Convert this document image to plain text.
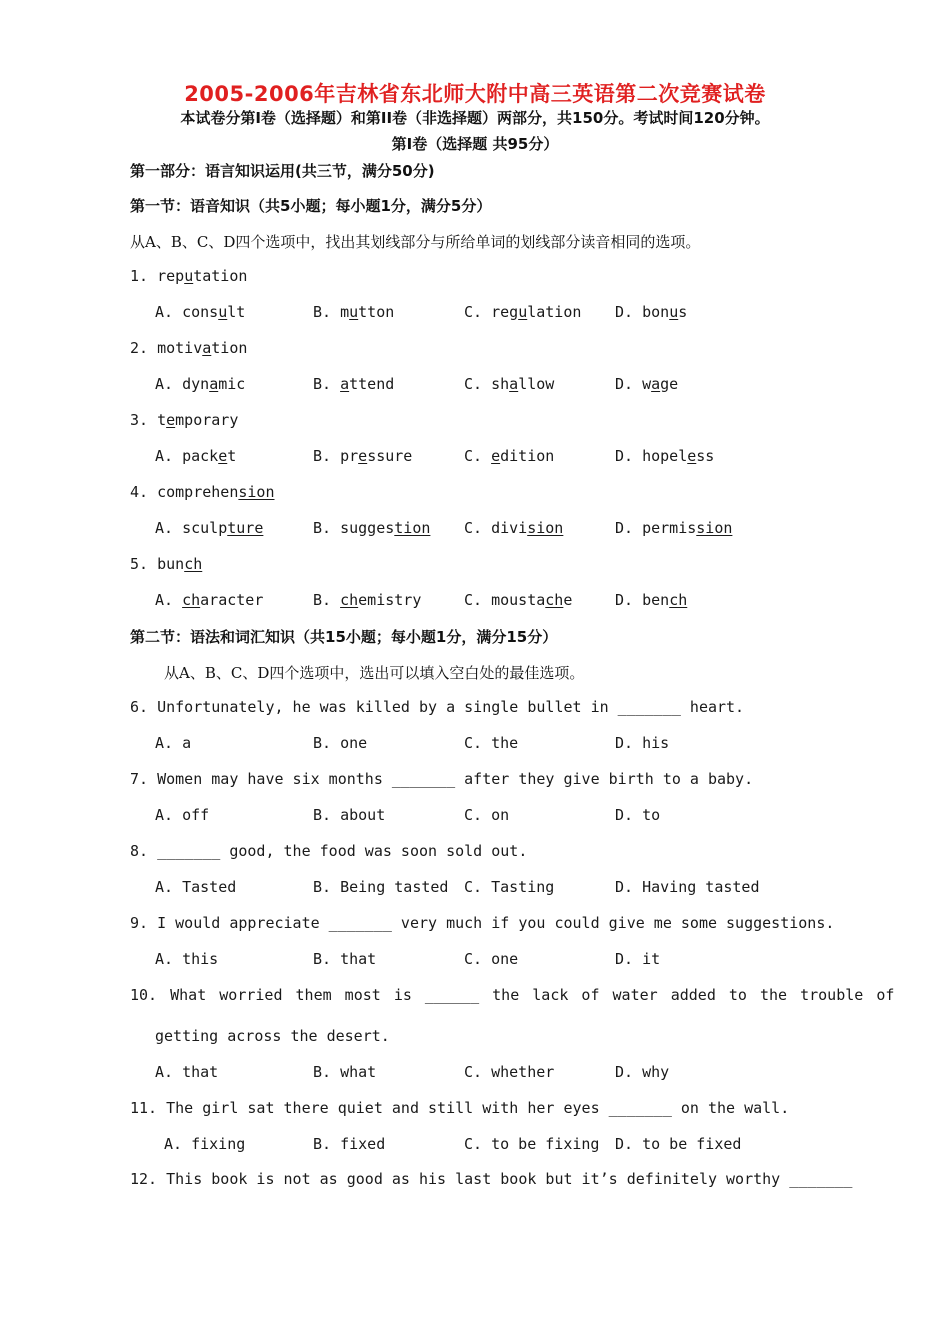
2005-2006年吉林省东北师大附中高三英语第二次竞赛试卷
本试卷分第I卷（选择题）和第II卷（非选择题）两部分，共150分。考试时间120分钟。
第I卷（选择题 共95分）
第一部分：语言知识运用(共三节，满分50分)
第一节：语音知识（共5小题；每小题1分，满分5分）
从A、B、C、D四个选项中，找出其划线部分与所给单词的划线部分读音相同的选项。
1. reputation
A. consult	B. mutton	C. regulation D. bonus
2. motivation
A. dynamic	B. attend	C. shallow	D. wage
3. temporary
A. packet	B. pressure	C. edition	D. hopeless
4. comprehension
A. sculpture	B. suggestion C. division	D. permission
5. bunch
A. character	B. chemistry	C. moustache	D. bench
第二节：语法和词汇知识（共15小题；每小题1分，满分15分）
从A、B、C、D四个选项中，选出可以填入空白处的最佳选项。
6. Unfortunately, he was killed by a single bullet in _______ heart.
A. a	B. one	C. the	D. his
7. Women may have six months _______ after they give birth to a baby.
A. off	B. about	C. on	D. to
8. _______ good, the food was soon sold out.
A. Tasted	B. Being tasted C. Tasting	D. Having tasted
9. I would appreciate _______ very much if you could give me some suggestions.
A. this	B. that	C. one	D. it
10. What worried them most is ______ the lack of water added to the trouble of
getting across the desert.
A. that	B. what	C. whether	D. why
11. The girl sat there quiet and still with her eyes _______ on the wall.
A. fixing	B. fixed	C. to be fixing D. to be fixed
12. This book is not as good as his last book but it’s definitely worthy _______
